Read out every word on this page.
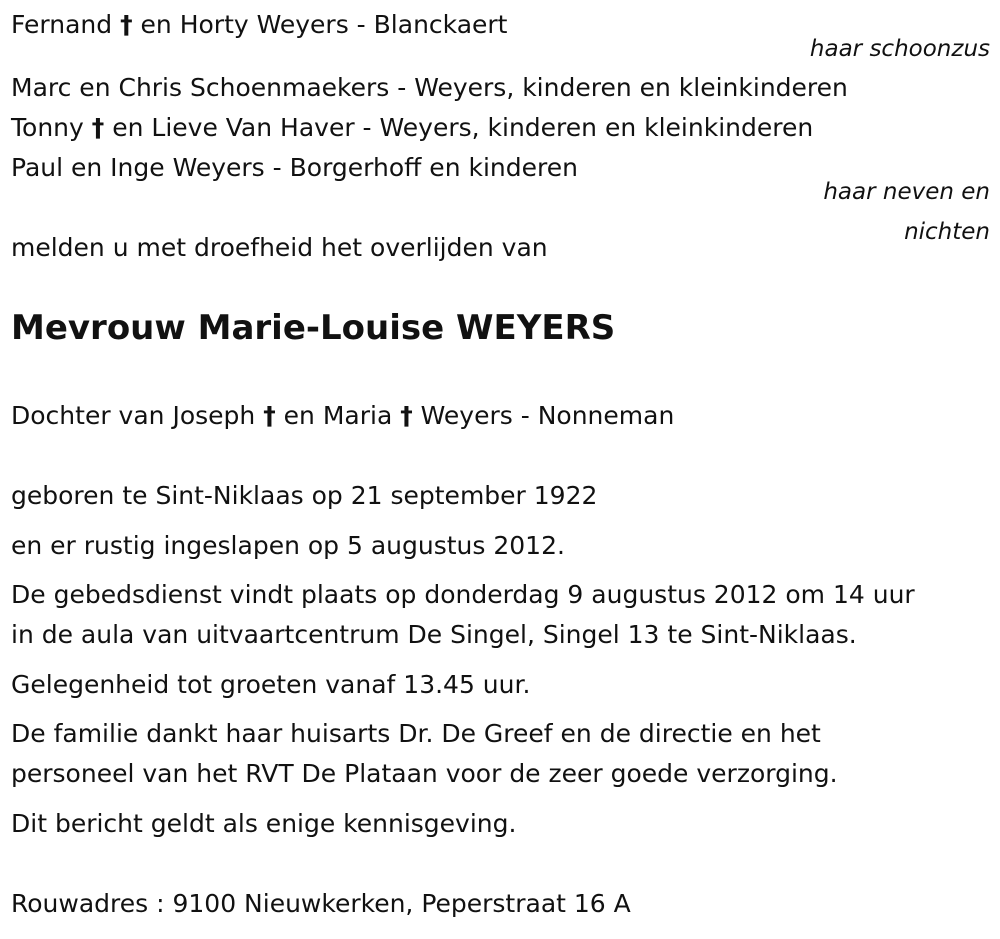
Fernand † en Horty Weyers - Blanckaert
haar schoonzus
Marc en Chris Schoenmaekers - Weyers, kinderen en kleinkinderen
Tonny † en Lieve Van Haver - Weyers, kinderen en kleinkinderen
Paul en Inge Weyers - Borgerhoff en kinderen
haar neven en
nichten
melden u met droefheid het overlijden van
Mevrouw Marie-Louise WEYERS
Dochter van Joseph † en Maria † Weyers - Nonneman
geboren te Sint-Niklaas op 21 september 1922
en er rustig ingeslapen op 5 augustus 2012.
De gebedsdienst vindt plaats op donderdag 9 augustus 2012 om 14 uur
in de aula van uitvaartcentrum De Singel, Singel 13 te Sint-Niklaas.
Gelegenheid tot groeten vanaf 13.45 uur.
De familie dankt haar huisarts Dr. De Greef en de directie en het
personeel van het RVT De Plataan voor de zeer goede verzorging.
Dit bericht geldt als enige kennisgeving.
Rouwadres : 9100 Nieuwkerken, Peperstraat 16 A
